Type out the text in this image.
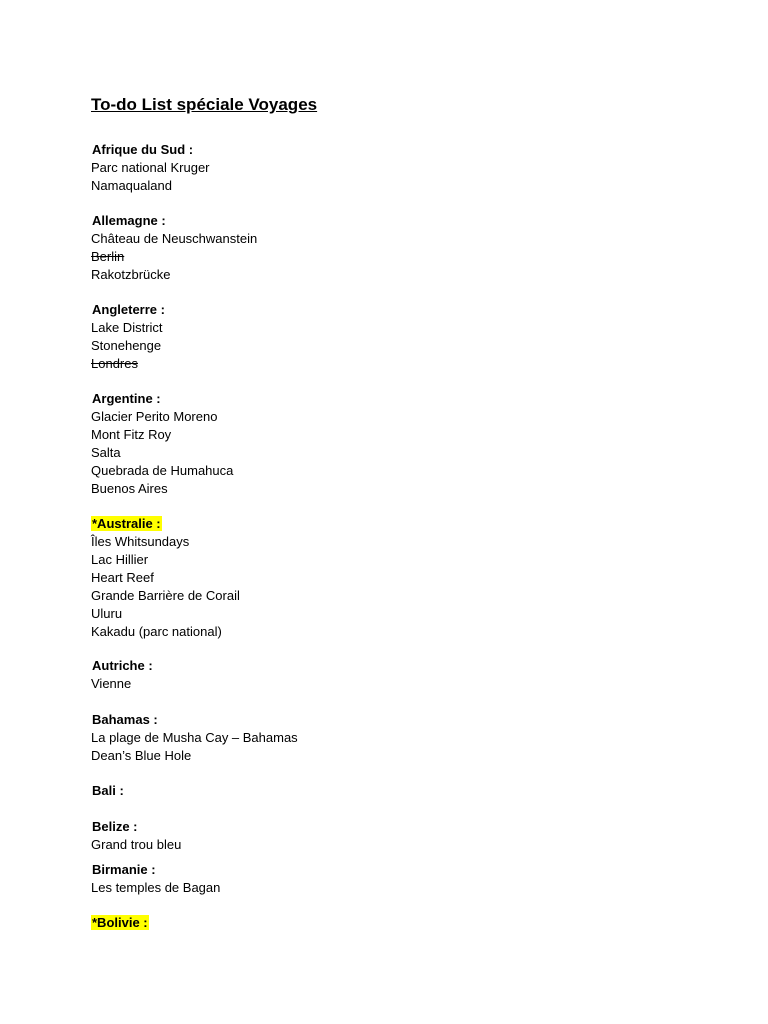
To-do List spéciale Voyages
Afrique du Sud :
Parc national Kruger
Namaqualand
Allemagne :
Château de Neuschwanstein
Berlin
Rakotzbrücke
Angleterre :
Lake District
Stonehenge
Londres
Argentine :
Glacier Perito Moreno
Mont Fitz Roy
Salta
Quebrada de Humahuca
Buenos Aires
*Australie :
Îles Whitsundays
Lac Hillier
Heart Reef
Grande Barrière de Corail
Uluru
Kakadu (parc national)
Autriche :
Vienne
Bahamas :
La plage de Musha Cay – Bahamas
Dean’s Blue Hole
Bali :
Belize :
Grand trou bleu
Birmanie :
Les temples de Bagan
*Bolivie :
